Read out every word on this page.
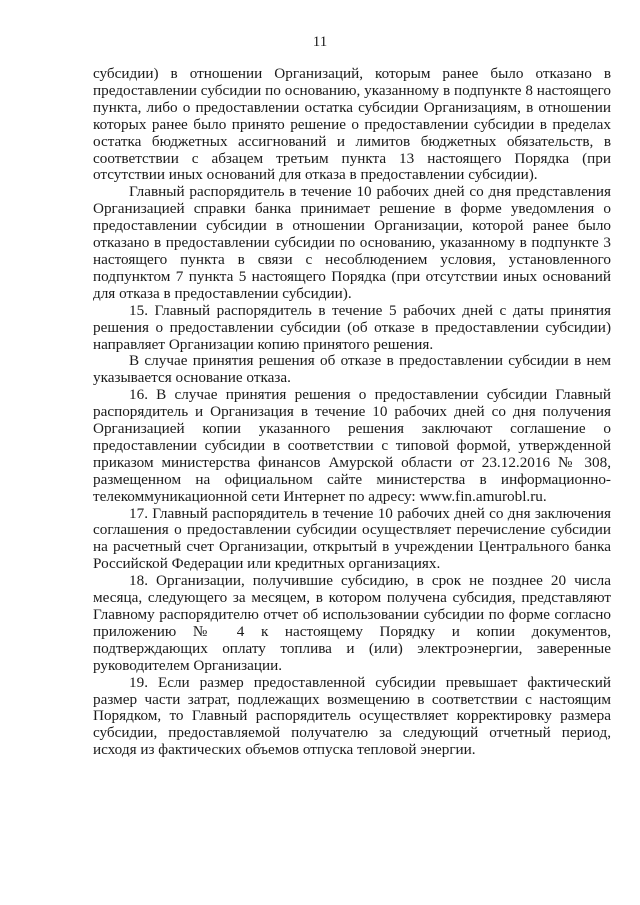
11

субсидии) в отношении Организаций, которым ранее было отказано в предоставлении субсидии по основанию, указанному в подпункте 8 настоящего пункта, либо о предоставлении остатка субсидии Организациям, в отношении которых ранее было принято решение о предоставлении субсидии в пределах остатка бюджетных ассигнований и лимитов бюджетных обязательств, в соответствии с абзацем третьим пункта 13 настоящего Порядка (при отсутствии иных оснований для отказа в предоставлении субсидии).

Главный распорядитель в течение 10 рабочих дней со дня представления Организацией справки банка принимает решение в форме уведомления о предоставлении субсидии в отношении Организации, которой ранее было отказано в предоставлении субсидии по основанию, указанному в подпункте 3 настоящего пункта в связи с несоблюдением условия, установленного подпунктом 7 пункта 5 настоящего Порядка (при отсутствии иных оснований для отказа в предоставлении субсидии).

15. Главный распорядитель в течение 5 рабочих дней с даты принятия решения о предоставлении субсидии (об отказе в предоставлении субсидии) направляет Организации копию принятого решения.

В случае принятия решения об отказе в предоставлении субсидии в нем указывается основание отказа.

16. В случае принятия решения о предоставлении субсидии Главный распорядитель и Организация в течение 10 рабочих дней со дня получения Организацией копии указанного решения заключают соглашение о предоставлении субсидии в соответствии с типовой формой, утвержденной приказом министерства финансов Амурской области от 23.12.2016 № 308, размещенном на официальном сайте министерства в информационно-телекоммуникационной сети Интернет по адресу: www.fin.amurobl.ru.

17. Главный распорядитель в течение 10 рабочих дней со дня заключения соглашения о предоставлении субсидии осуществляет перечисление субсидии на расчетный счет Организации, открытый в учреждении Центрального банка Российской Федерации или кредитных организациях.

18. Организации, получившие субсидию, в срок не позднее 20 числа месяца, следующего за месяцем, в котором получена субсидия, представляют Главному распорядителю отчет об использовании субсидии по форме согласно приложению № 4 к настоящему Порядку и копии документов, подтверждающих оплату топлива и (или) электроэнергии, заверенные руководителем Организации.

19. Если размер предоставленной субсидии превышает фактический размер части затрат, подлежащих возмещению в соответствии с настоящим Порядком, то Главный распорядитель осуществляет корректировку размера субсидии, предоставляемой получателю за следующий отчетный период, исходя из фактических объемов отпуска тепловой энергии.
